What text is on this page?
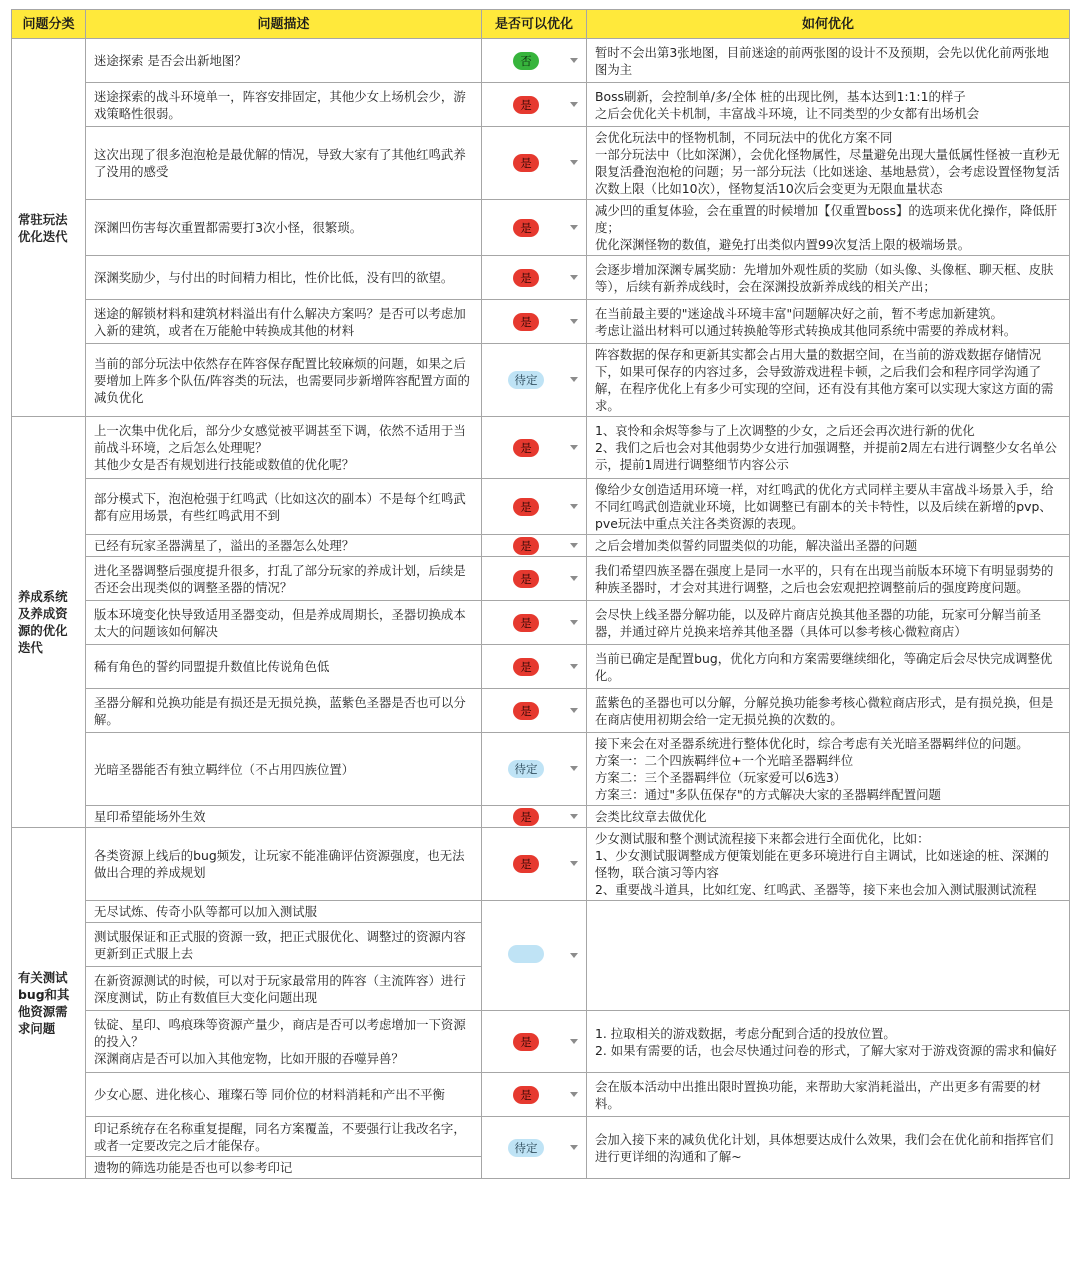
问题分类	问题描述	是否可以优化	如何优化
常驻玩法优化迭代	迷途探索 是否会出新地图？	否	暂时不会出第3张地图，目前迷途的前两张图的设计不及预期，会先以优化前两张地图为主

	迷途探索的战斗环境单一，阵容安排固定，其他少女上场机会少，游戏策略性很弱。	是	Boss刷新，会控制单/多/全体 桩的出现比例，基本达到1:1:1的样子
之后会优化关卡机制，丰富战斗环境，让不同类型的少女都有出场机会

	这次出现了很多泡泡枪是最优解的情况，导致大家有了其他红鸣武养了没用的感受	是	会优化玩法中的怪物机制，不同玩法中的优化方案不同
一部分玩法中（比如深渊），会优化怪物属性，尽量避免出现大量低属性怪被一直秒无限复活叠泡泡枪的问题；另一部分玩法（比如迷途、基地悬赏），会考虑设置怪物复活次数上限（比如10次），怪物复活10次后会变更为无限血量状态

	深渊凹伤害每次重置都需要打3次小怪，很繁琐。	是	减少凹的重复体验，会在重置的时候增加【仅重置boss】的选项来优化操作，降低肝度；
优化深渊怪物的数值，避免打出类似内置99次复活上限的极端场景。

	深渊奖励少，与付出的时间精力相比，性价比低，没有凹的欲望。	是	会逐步增加深渊专属奖励：先增加外观性质的奖励（如头像、头像框、聊天框、皮肤等），后续有新养成线时，会在深渊投放新养成线的相关产出；

	迷途的解锁材料和建筑材料溢出有什么解决方案吗？是否可以考虑加入新的建筑，或者在万能舱中转换成其他的材料	是	在当前最主要的"迷途战斗环境丰富"问题解决好之前，暂不考虑加新建筑。
考虑让溢出材料可以通过转换舱等形式转换成其他同系统中需要的养成材料。

	当前的部分玩法中依然存在阵容保存配置比较麻烦的问题，如果之后要增加上阵多个队伍/阵容类的玩法，也需要同步新增阵容配置方面的减负优化	待定	阵容数据的保存和更新其实都会占用大量的数据空间，在当前的游戏数据存储情况下，如果可保存的内容过多，会导致游戏进程卡顿，之后我们会和程序同学沟通了解，在程序优化上有多少可实现的空间，还有没有其他方案可以实现大家这方面的需求。

养成系统及养成资源的优化迭代	上一次集中优化后，部分少女感觉被平调甚至下调，依然不适用于当前战斗环境，之后怎么处理呢？
其他少女是否有规划进行技能或数值的优化呢？	是	1、哀怜和余烬等参与了上次调整的少女，之后还会再次进行新的优化
2、我们之后也会对其他弱势少女进行加强调整，并提前2周左右进行调整少女名单公示，提前1周进行调整细节内容公示

	部分模式下，泡泡枪强于红鸣武（比如这次的副本）不是每个红鸣武都有应用场景，有些红鸣武用不到	是	像给少女创造适用环境一样，对红鸣武的优化方式同样主要从丰富战斗场景入手，给不同红鸣武创造就业环境，比如调整已有副本的关卡特性，以及后续在新增的pvp、pve玩法中重点关注各类资源的表现。

	已经有玩家圣器满星了，溢出的圣器怎么处理？	是	之后会增加类似誓约同盟类似的功能，解决溢出圣器的问题

	进化圣器调整后强度提升很多，打乱了部分玩家的养成计划，后续是否还会出现类似的调整圣器的情况？	是	我们希望四族圣器在强度上是同一水平的，只有在出现当前版本环境下有明显弱势的种族圣器时，才会对其进行调整，之后也会宏观把控调整前后的强度跨度问题。

	版本环境变化快导致适用圣器变动，但是养成周期长，圣器切换成本太大的问题该如何解决	是	会尽快上线圣器分解功能，以及碎片商店兑换其他圣器的功能，玩家可分解当前圣器，并通过碎片兑换来培养其他圣器（具体可以参考核心微粒商店）

	稀有角色的誓约同盟提升数值比传说角色低	是	当前已确定是配置bug，优化方向和方案需要继续细化，等确定后会尽快完成调整优化。

	圣器分解和兑换功能是有损还是无损兑换，蓝紫色圣器是否也可以分解。	是	蓝紫色的圣器也可以分解，分解兑换功能参考核心微粒商店形式，是有损兑换，但是在商店使用初期会给一定无损兑换的次数的。

	光暗圣器能否有独立羁绊位（不占用四族位置）	待定	接下来会在对圣器系统进行整体优化时，综合考虑有关光暗圣器羁绊位的问题。
方案一：二个四族羁绊位+一个光暗圣器羁绊位
方案二：三个圣器羁绊位（玩家爱可以6选3）
方案三：通过"多队伍保存"的方式解决大家的圣器羁绊配置问题

	星印希望能场外生效	是	会类比纹章去做优化

有关测试bug和其他资源需求问题	各类资源上线后的bug频发，让玩家不能准确评估资源强度，也无法做出合理的养成规划	是	少女测试服和整个测试流程接下来都会进行全面优化，比如：
1、少女测试服调整成方便策划能在更多环境进行自主调试，比如迷途的桩、深渊的怪物，联合演习等内容
2、重要战斗道具，比如红宠、红鸣武、圣器等，接下来也会加入测试服测试流程

	无尽试炼、传奇小队等都可以加入测试服		

	测试服保证和正式服的资源一致，把正式服优化、调整过的资源内容更新到正式服上去		

	在新资源测试的时候，可以对于玩家最常用的阵容（主流阵容）进行深度测试，防止有数值巨大变化问题出现		

	钛碇、星印、鸣痕珠等资源产量少，商店是否可以考虑增加一下资源的投入？
深渊商店是否可以加入其他宠物，比如开服的吞噬异兽？	是	1. 拉取相关的游戏数据，考虑分配到合适的投放位置。
2. 如果有需要的话，也会尽快通过问卷的形式，了解大家对于游戏资源的需求和偏好

	少女心愿、进化核心、璀璨石等 同价位的材料消耗和产出不平衡	是	会在版本活动中出推出限时置换功能，来帮助大家消耗溢出，产出更多有需要的材料。

	印记系统存在名称重复提醒，同名方案覆盖，不要强行让我改名字，或者一定要改完之后才能保存。	待定	会加入接下来的减负优化计划，具体想要达成什么效果，我们会在优化前和指挥官们进行更详细的沟通和了解~

	遗物的筛选功能是否也可以参考印记		
